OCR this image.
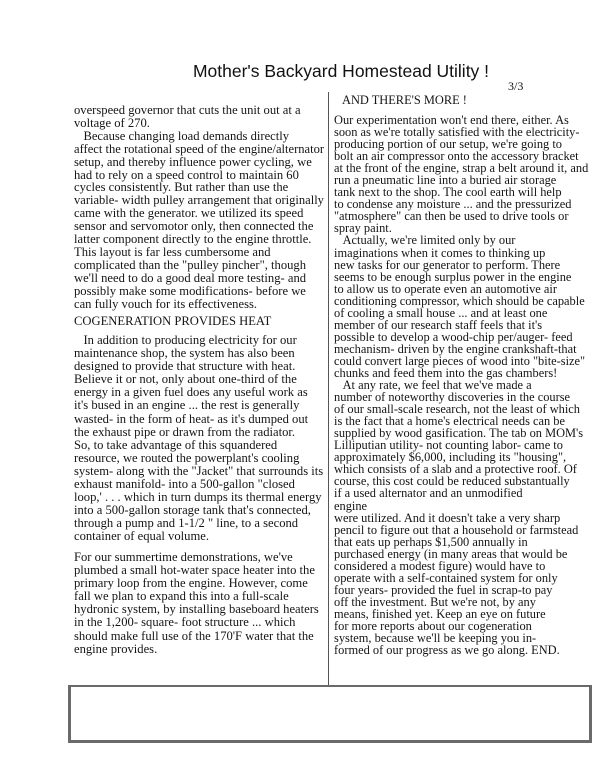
Mother's Backyard Homestead Utility !
3/3
overspeed governor that cuts the unit out at a
voltage of 270.
Because changing load demands directly
affect the rotational speed of the engine/alternator
setup, and thereby influence power cycling, we
had to rely on a speed control to maintain 60
cycles consistently. But rather than use the
variable- width pulley arrangement that originally
came with the generator. we utilized its speed
sensor and servomotor only, then connected the
latter component directly to the engine throttle.
This layout is far less cumbersome and
complicated than the "pulley pincher", though
we'll need to do a good deal more testing- and
possibly make some modifications- before we
can fully vouch for its effectiveness.
COGENERATION PROVIDES HEAT
In addition to producing electricity for our
maintenance shop, the system has also been
designed to provide that structure with heat.
Believe it or not, only about one-third of the
energy in a given fuel does any useful work as
it's bused in an engine ... the rest is generally
wasted- in the form of heat- as it's dumped out
the exhaust pipe or drawn from the radiator.
So, to take advantage of this squandered
resource, we routed the powerplant's cooling
system- along with the "Jacket" that surrounds its
exhaust manifold- into a 500-gallon "closed
loop,' . . . which in turn dumps its thermal energy
into a 500-gallon storage tank that's connected,
through a pump and 1-1/2 " line, to a second
container of equal volume.
For our summertime demonstrations, we've
plumbed a small hot-water space heater into the
primary loop from the engine. However, come
fall we plan to expand this into a full-scale
hydronic system, by installing baseboard heaters
in the 1,200- square- foot structure ... which
should make full use of the 170'F water that the
engine provides.
AND THERE'S MORE !
Our experimentation won't end there, either. As
soon as we're totally satisfied with the electricity-
producing portion of our setup, we're going to
bolt an air compressor onto the accessory bracket
at the front of the engine, strap a belt around it, and
run a pneumatic line into a buried air storage
tank next to the shop. The cool earth will help
to condense any moisture ... and the pressurized
"atmosphere" can then be used to drive tools or
spray paint.
Actually, we're limited only by our
imaginations when it comes to thinking up
new tasks for our generator to perform. There
seems to be enough surplus power in the engine
to allow us to operate even an automotive air
conditioning compressor, which should be capable
of cooling a small house ... and at least one
member of our research staff feels that it's
possible to develop a wood-chip per/auger- feed
mechanism- driven by the engine crankshaft-that
could convert large pieces of wood into "bite-size"
chunks and feed them into the gas chambers!
At any rate, we feel that we've made a
number of noteworthy discoveries in the course
of our small-scale research, not the least of which
is the fact that a home's electrical needs can be
supplied by wood gasification. The tab on MOM's
Lilliputian utility- not counting labor- came to
approximately $6,000, including its "housing",
which consists of a slab and a protective roof. Of
course, this cost could be reduced substantually
if a used alternator and an unmodified
engine
were utilized. And it doesn't take a very sharp
pencil to figure out that a household or farmstead
that eats up perhaps $1,500 annually in
purchased energy (in many areas that would be
considered a modest figure) would have to
operate with a self-contained system for only
four years- provided the fuel in scrap-to pay
off the investment. But we're not, by any
means, finished yet. Keep an eye on future
for more reports about our cogeneration
system, because we'll be keeping you in-
formed of our progress as we go along. END.
